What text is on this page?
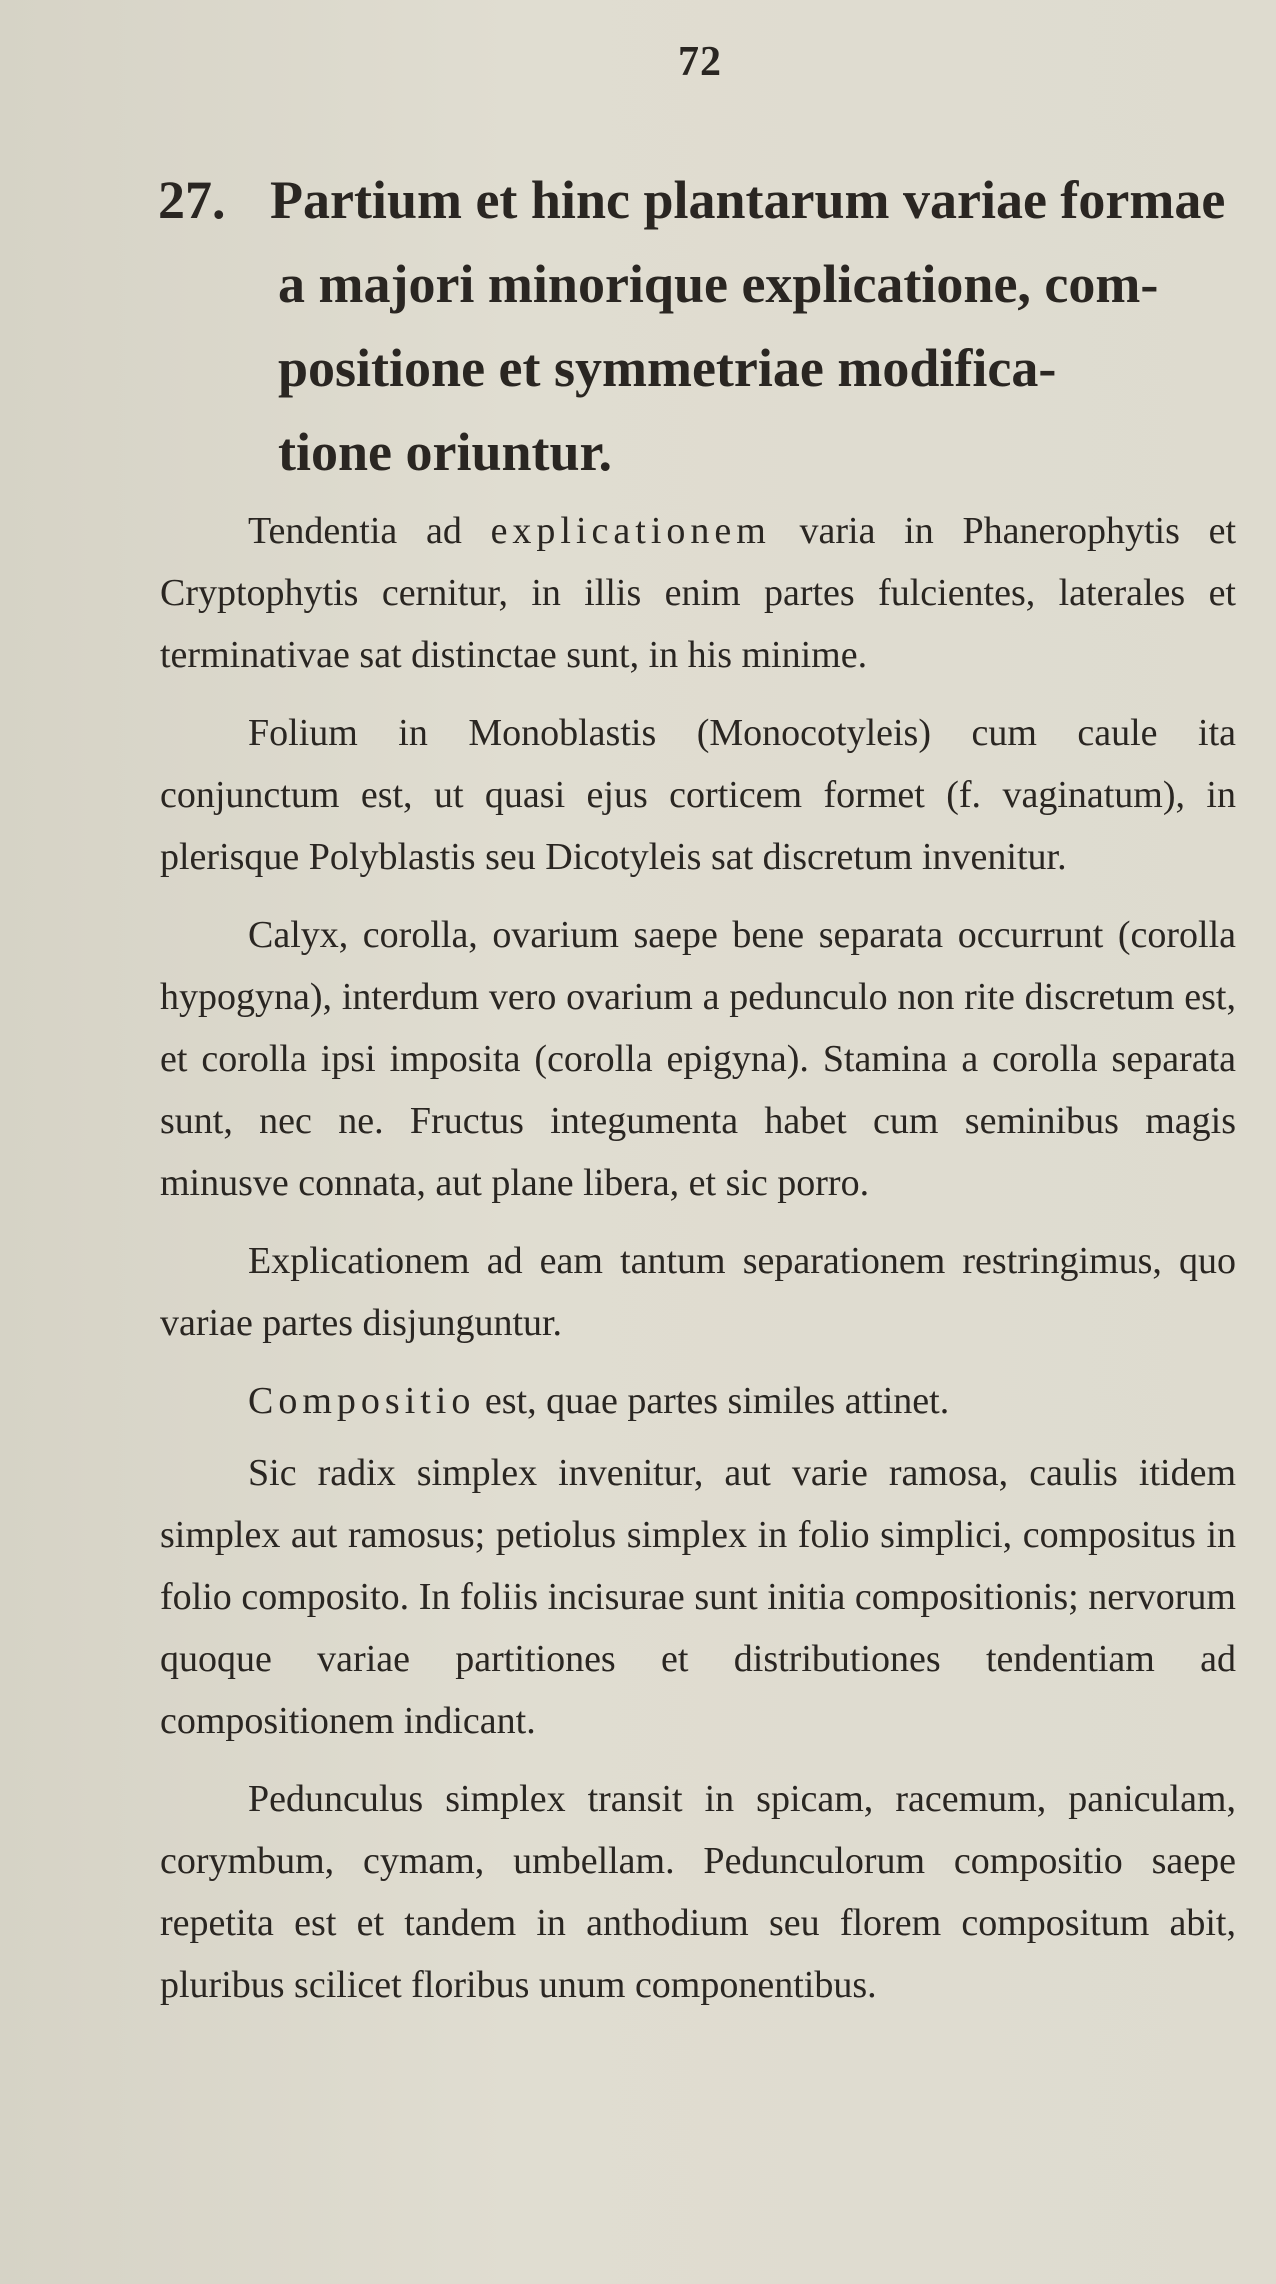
72
27. Partium et hinc plantarum variae formae
a majori minorique explicatione, com-
positione et symmetriae modifica-
tione oriuntur.

Tendentia ad explicationem varia in Phanerophytis et Cryptophytis cernitur, in illis enim partes fulcientes, laterales et terminativae sat distinctae sunt, in his minime.

Folium in Monoblastis (Monocotyleis) cum caule ita conjunctum est, ut quasi ejus corticem formet (f. vaginatum), in plerisque Polyblastis seu Dicotyleis sat discretum invenitur.

Calyx, corolla, ovarium saepe bene separata occurrunt (corolla hypogyna), interdum vero ovarium a pedunculo non rite discretum est, et corolla ipsi imposita (corolla epigyna). Stamina a corolla separata sunt, nec ne. Fructus integumenta habet cum seminibus magis minusve connata, aut plane libera, et sic porro.

Explicationem ad eam tantum separationem restringimus, quo variae partes disjunguntur.

Compositio est, quae partes similes attinet.

Sic radix simplex invenitur, aut varie ramosa, caulis itidem simplex aut ramosus; petiolus simplex in folio simplici, compositus in folio composito. In foliis incisurae sunt initia compositionis; nervorum quoque variae partitiones et distributiones tendentiam ad compositionem indicant.

Pedunculus simplex transit in spicam, racemum, paniculam, corymbum, cymam, umbellam. Pedunculorum compositio saepe repetita est et tandem in anthodium seu florem compositum abit, pluribus scilicet floribus unum componentibus.
